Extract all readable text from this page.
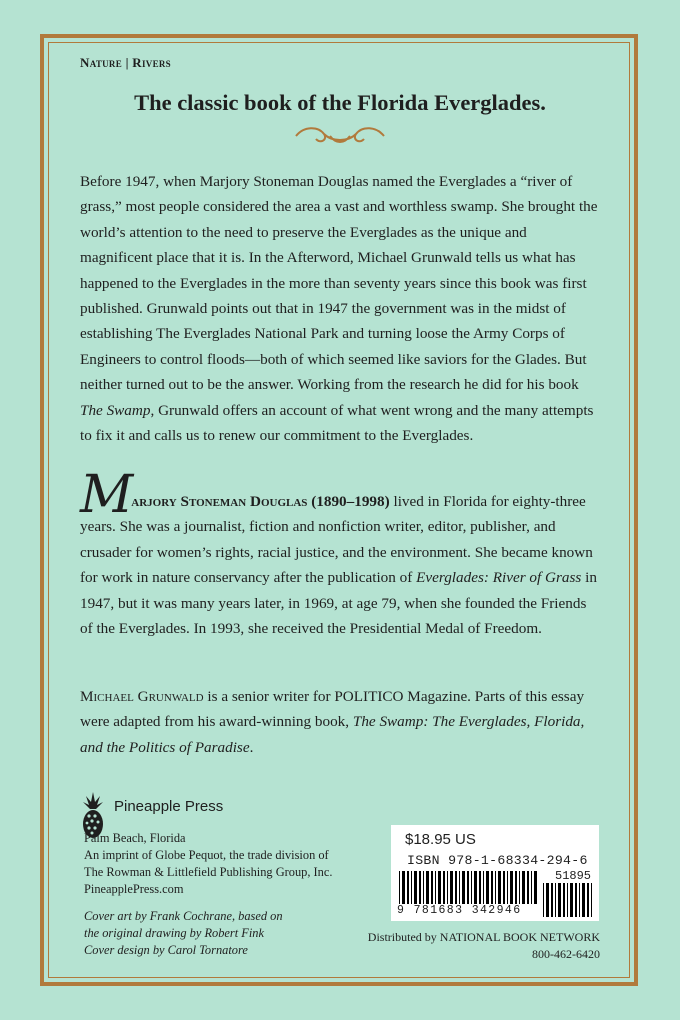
Nature | Rivers
The classic book of the Florida Everglades.
Before 1947, when Marjory Stoneman Douglas named the Everglades a “river of grass,” most people considered the area a vast and worthless swamp. She brought the world’s attention to the need to preserve the Everglades as the unique and magnificent place that it is. In the Afterword, Michael Grunwald tells us what has happened to the Everglades in the more than seventy years since this book was first published. Grunwald points out that in 1947 the government was in the midst of establishing The Everglades National Park and turning loose the Army Corps of Engineers to control floods—both of which seemed like saviors for the Glades. But neither turned out to be the answer. Working from the research he did for his book The Swamp, Grunwald offers an account of what went wrong and the many attempts to fix it and calls us to renew our commitment to the Everglades.
Marjory Stoneman Douglas (1890–1998) lived in Florida for eighty-three years. She was a journalist, fiction and nonfiction writer, editor, publisher, and crusader for women’s rights, racial justice, and the environment. She became known for work in nature conservancy after the publication of Everglades: River of Grass in 1947, but it was many years later, in 1969, at age 79, when she founded the Friends of the Everglades. In 1993, she received the Presidential Medal of Freedom.
Michael Grunwald is a senior writer for POLITICO Magazine. Parts of this essay were adapted from his award-winning book, The Swamp: The Everglades, Florida, and the Politics of Paradise.
Pineapple Press
Palm Beach, Florida
An imprint of Globe Pequot, the trade division of
The Rowman & Littlefield Publishing Group, Inc.
PineapplePress.com
Cover art by Frank Cochrane, based on
the original drawing by Robert Fink
Cover design by Carol Tornatore
$18.95 US
ISBN 978-1-68334-294-6
51895
9 781683 342946
Distributed by NATIONAL BOOK NETWORK
800-462-6420
